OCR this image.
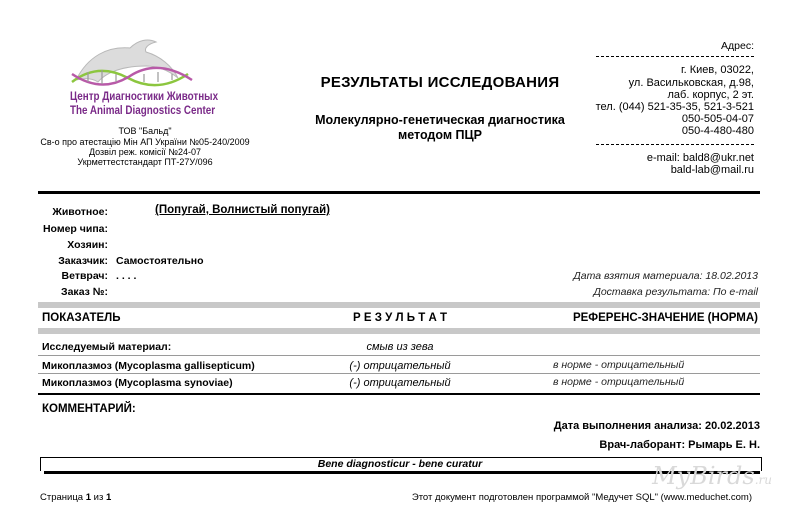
Центр Диагностики Животных
The Animal Diagnostics Center
ТОВ "Бальд"
Св-о про атестацію Мін АП України №05-240/2009
Дозвіл реж. комісії №24-07
Укрметтестстандарт ПТ-27У/096
РЕЗУЛЬТАТЫ ИССЛЕДОВАНИЯ
Молекулярно-генетическая диагностика
методом ПЦР
Адрес:
г. Киев, 03022,
ул. Васильковская, д.98,
лаб. корпус, 2 эт.
тел. (044) 521-35-35, 521-3-521
050-505-04-07
050-4-480-480
e-mail: bald8@ukr.net
bald-lab@mail.ru
Животное:	(Попугай, Волнистый попугай)
Номер чипа:
Хозяин:
Заказчик: Самостоятельно
Ветврач: . . . .
Заказ №:
Дата взятия материала: 18.02.2013
Доставка результата: По e-mail
ПОКАЗАТЕЛЬ	Р Е З У Л Ь Т А Т	РЕФЕРЕНС-ЗНАЧЕНИЕ (НОРМА)
Исследуемый материал:	смыв из зева
Микоплазмоз (Mycoplasma gallisepticum)	(-) отрицательный	в норме - отрицательный
Микоплазмоз (Mycoplasma synoviae)	(-) отрицательный	в норме - отрицательный
КОММЕНТАРИЙ:
Дата выполнения анализа: 20.02.2013
Врач-лаборант: Рымарь Е. Н.
Bene diagnosticur - bene curatur	MyBirds.ru
Страница 1 из 1	Этот документ подготовлен программой "Медучет SQL" (www.meduchet.com)
